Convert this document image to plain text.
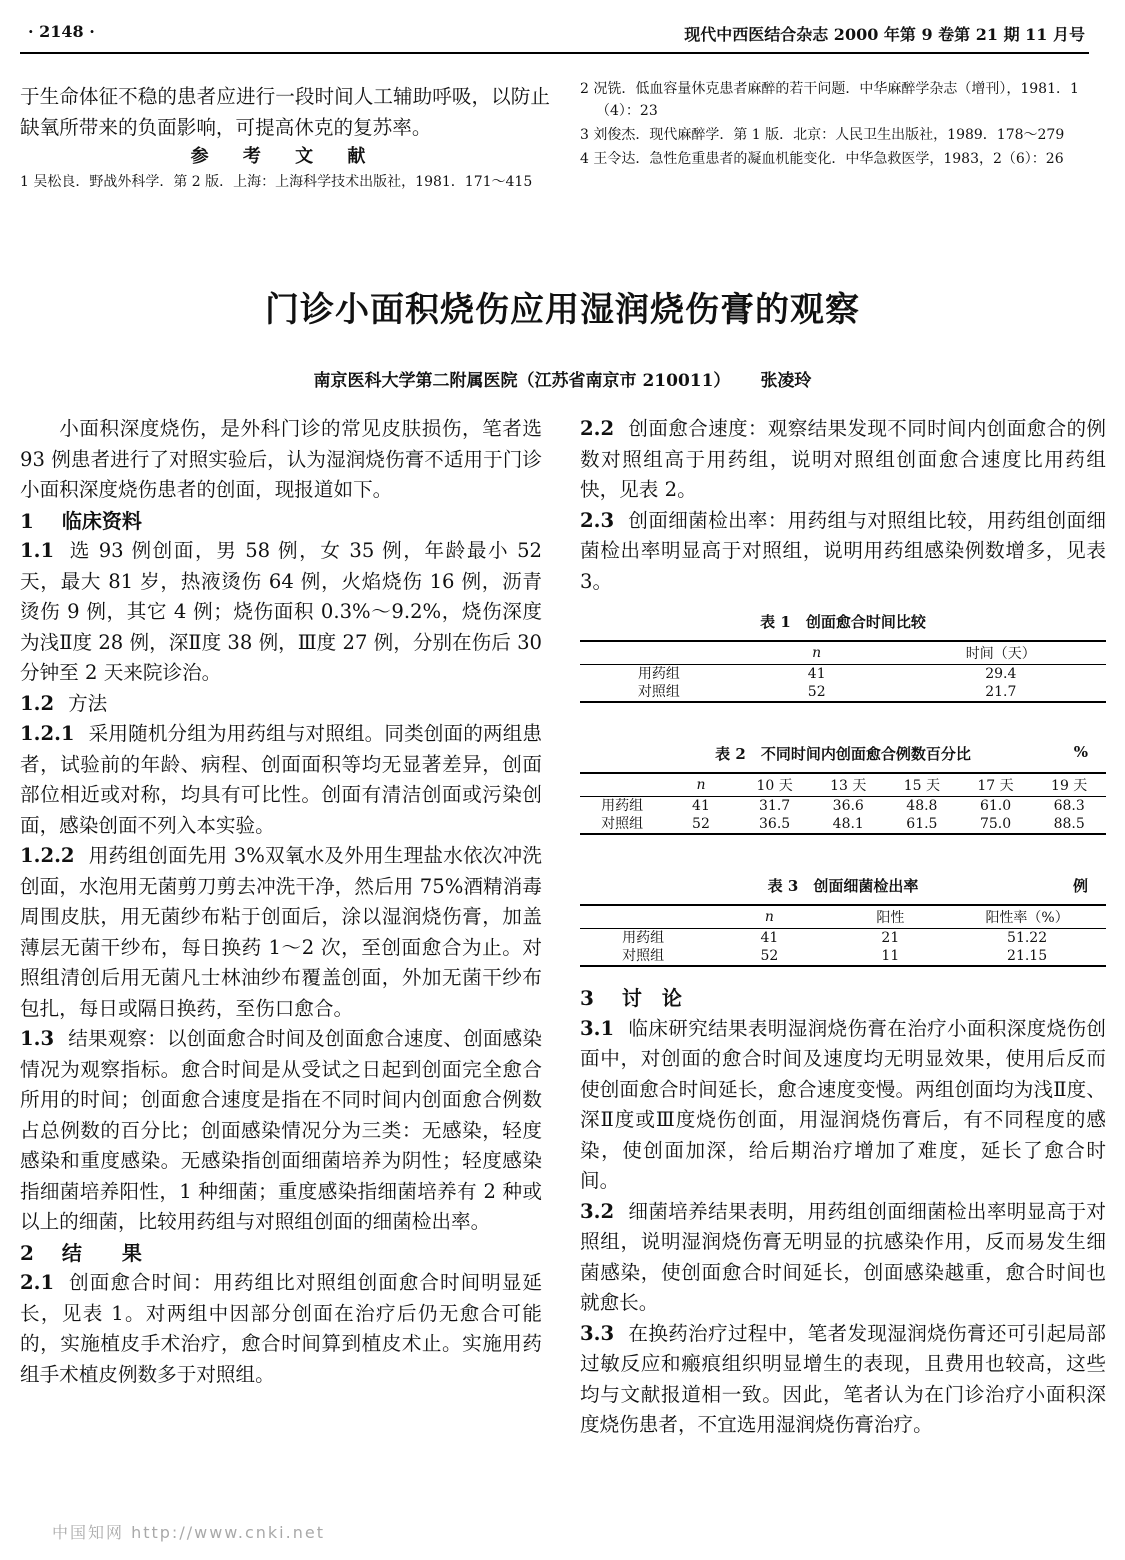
· 2148 ·	现代中西医结合杂志 2000 年第 9 卷第 21 期 11 月号

于生命体征不稳的患者应进行一段时间人工辅助呼吸，以防止缺氧所带来的负面影响，可提高休克的复苏率。

参 考 文 献

1 吴松良．野战外科学．第 2 版．上海：上海科学技术出版社，1981．171～415

2 况铣．低血容量休克患者麻醉的若干问题．中华麻醉学杂志（增刊），1981．1（4）：23

3 刘俊杰．现代麻醉学．第 1 版．北京：人民卫生出版社，1989．178～279

4 王令达．急性危重患者的凝血机能变化．中华急救医学，1983，2（6）：26

门诊小面积烧伤应用湿润烧伤膏的观察

南京医科大学第二附属医院（江苏省南京市 210011） 张凌玲

小面积深度烧伤，是外科门诊的常见皮肤损伤，笔者选 93 例患者进行了对照实验后，认为湿润烧伤膏不适用于门诊小面积深度烧伤患者的创面，现报道如下。

1 临床资料

1.1 选 93 例创面，男 58 例，女 35 例，年龄最小 52 天，最大 81 岁，热液烫伤 64 例，火焰烧伤 16 例，沥青烫伤 9 例，其它 4 例；烧伤面积 0.3%～9.2%，烧伤深度为浅Ⅱ度 28 例，深Ⅱ度 38 例，Ⅲ度 27 例，分别在伤后 30 分钟至 2 天来院诊治。

1.2 方法

1.2.1 采用随机分组为用药组与对照组。同类创面的两组患者，试验前的年龄、病程、创面面积等均无显著差异，创面部位相近或对称，均具有可比性。创面有清洁创面或污染创面，感染创面不列入本实验。

1.2.2 用药组创面先用 3%双氧水及外用生理盐水依次冲洗创面，水泡用无菌剪刀剪去冲洗干净，然后用 75%酒精消毒周围皮肤，用无菌纱布粘于创面后，涂以湿润烧伤膏，加盖薄层无菌干纱布，每日换药 1～2 次，至创面愈合为止。对照组清创后用无菌凡士林油纱布覆盖创面，外加无菌干纱布包扎，每日或隔日换药，至伤口愈合。

1.3 结果观察：以创面愈合时间及创面愈合速度、创面感染情况为观察指标。愈合时间是从受试之日起到创面完全愈合所用的时间；创面愈合速度是指在不同时间内创面愈合例数占总例数的百分比；创面感染情况分为三类：无感染，轻度感染和重度感染。无感染指创面细菌培养为阴性；轻度感染指细菌培养阳性，1 种细菌；重度感染指细菌培养有 2 种或以上的细菌，比较用药组与对照组创面的细菌检出率。

2 结　　果

2.1 创面愈合时间：用药组比对照组创面愈合时间明显延长，见表 1。对两组中因部分创面在治疗后仍无愈合可能的，实施植皮手术治疗，愈合时间算到植皮术止。实施用药组手术植皮例数多于对照组。

2.2 创面愈合速度：观察结果发现不同时间内创面愈合的例数对照组高于用药组，说明对照组创面愈合速度比用药组快，见表 2。

2.3 创面细菌检出率：用药组与对照组比较，用药组创面细菌检出率明显高于对照组，说明用药组感染例数增多，见表 3。

表 1　创面愈合时间比较
	n	时间（天）
用药组	41	29.4
对照组	52	21.7
表 2　不同时间内创面愈合例数百分比	%
	n	10 天	13 天	15 天	17 天	19 天
用药组	41	31.7	36.6	48.8	61.0	68.3
对照组	52	36.5	48.1	61.5	75.0	88.5
表 3　创面细菌检出率	例
	n	阳性	阳性率（%）
用药组	41	21	51.22
对照组	52	11	21.15

3 讨　论

3.1 临床研究结果表明湿润烧伤膏在治疗小面积深度烧伤创面中，对创面的愈合时间及速度均无明显效果，使用后反而使创面愈合时间延长，愈合速度变慢。两组创面均为浅Ⅱ度、深Ⅱ度或Ⅲ度烧伤创面，用湿润烧伤膏后，有不同程度的感染，使创面加深，给后期治疗增加了难度，延长了愈合时间。

3.2 细菌培养结果表明，用药组创面细菌检出率明显高于对照组，说明湿润烧伤膏无明显的抗感染作用，反而易发生细菌感染，使创面愈合时间延长，创面感染越重，愈合时间也就愈长。

3.3 在换药治疗过程中，笔者发现湿润烧伤膏还可引起局部过敏反应和瘢痕组织明显增生的表现，且费用也较高，这些均与文献报道相一致。因此，笔者认为在门诊治疗小面积深度烧伤患者，不宜选用湿润烧伤膏治疗。

中国知网 http://www.cnki.net
